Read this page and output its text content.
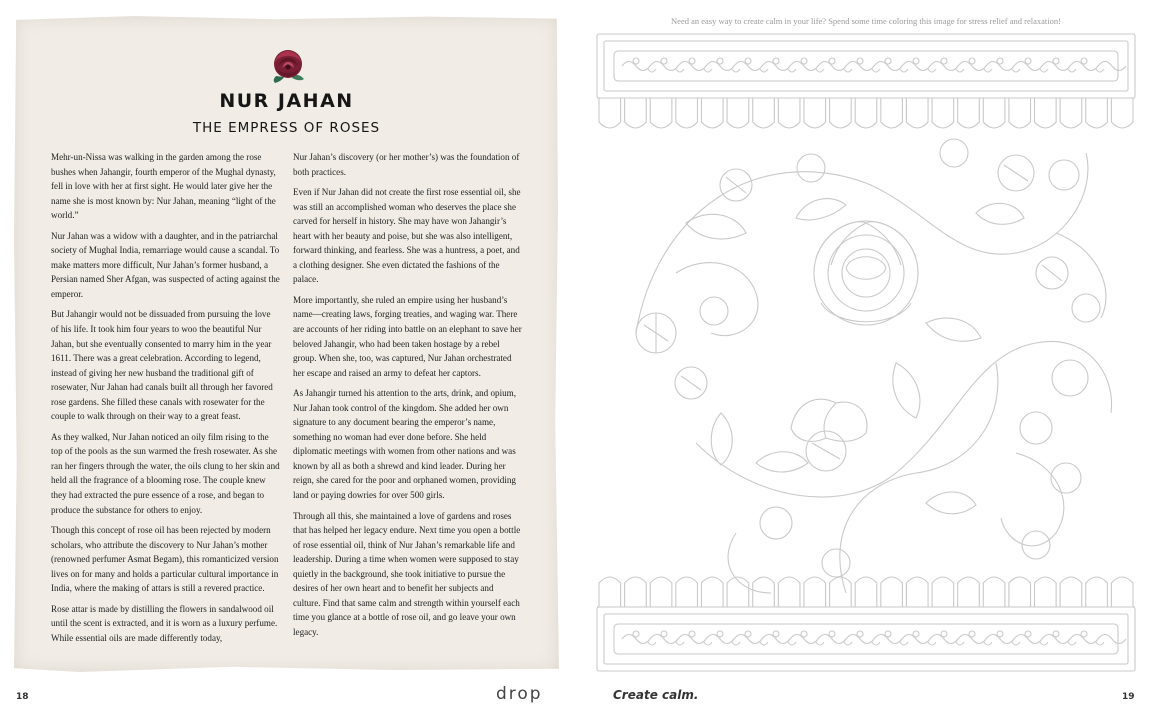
NUR JAHAN
THE EMPRESS OF ROSES

Mehr-un-Nissa was walking in the garden among the rose bushes when Jahangir, fourth emperor of the Mughal dynasty, fell in love with her at first sight. He would later give her the name she is most known by: Nur Jahan, meaning “light of the world.”

Nur Jahan was a widow with a daughter, and in the patriarchal society of Mughal India, remarriage would cause a scandal. To make matters more difficult, Nur Jahan’s former husband, a Persian named Sher Afgan, was suspected of acting against the emperor.

But Jahangir would not be dissuaded from pursuing the love of his life. It took him four years to woo the beautiful Nur Jahan, but she eventually consented to marry him in the year 1611. There was a great celebration. According to legend, instead of giving her new husband the traditional gift of rosewater, Nur Jahan had canals built all through her favored rose gardens. She filled these canals with rosewater for the couple to walk through on their way to a great feast.

As they walked, Nur Jahan noticed an oily film rising to the top of the pools as the sun warmed the fresh rosewater. As she ran her fingers through the water, the oils clung to her skin and held all the fragrance of a blooming rose. The couple knew they had extracted the pure essence of a rose, and began to produce the substance for others to enjoy.

Though this concept of rose oil has been rejected by modern scholars, who attribute the discovery to Nur Jahan’s mother (renowned perfumer Asmat Begam), this romanticized version lives on for many and holds a particular cultural importance in India, where the making of attars is still a revered practice.

Rose attar is made by distilling the flowers in sandalwood oil until the scent is extracted, and it is worn as a luxury perfume. While essential oils are made differently today,

Nur Jahan’s discovery (or her mother’s) was the foundation of both practices.

Even if Nur Jahan did not create the first rose essential oil, she was still an accomplished woman who deserves the place she carved for herself in history. She may have won Jahangir’s heart with her beauty and poise, but she was also intelligent, forward thinking, and fearless. She was a huntress, a poet, and a clothing designer. She even dictated the fashions of the palace.

More importantly, she ruled an empire using her husband’s name—creating laws, forging treaties, and waging war. There are accounts of her riding into battle on an elephant to save her beloved Jahangir, who had been taken hostage by a rebel group. When she, too, was captured, Nur Jahan orchestrated her escape and raised an army to defeat her captors.

As Jahangir turned his attention to the arts, drink, and opium, Nur Jahan took control of the kingdom. She added her own signature to any document bearing the emperor’s name, something no woman had ever done before. She held diplomatic meetings with women from other nations and was known by all as both a shrewd and kind leader. During her reign, she cared for the poor and orphaned women, providing land or paying dowries for over 500 girls.

Through all this, she maintained a love of gardens and roses that has helped her legacy endure. Next time you open a bottle of rose essential oil, think of Nur Jahan’s remarkable life and leadership. During a time when women were supposed to stay quietly in the background, she took initiative to pursue the desires of her own heart and to benefit her subjects and culture. Find that same calm and strength within yourself each time you glance at a bottle of rose oil, and go leave your own legacy.

18	drop	Create calm.
Need an easy way to create calm in your life? Spend some time coloring this image for stress relief and relaxation!
19
